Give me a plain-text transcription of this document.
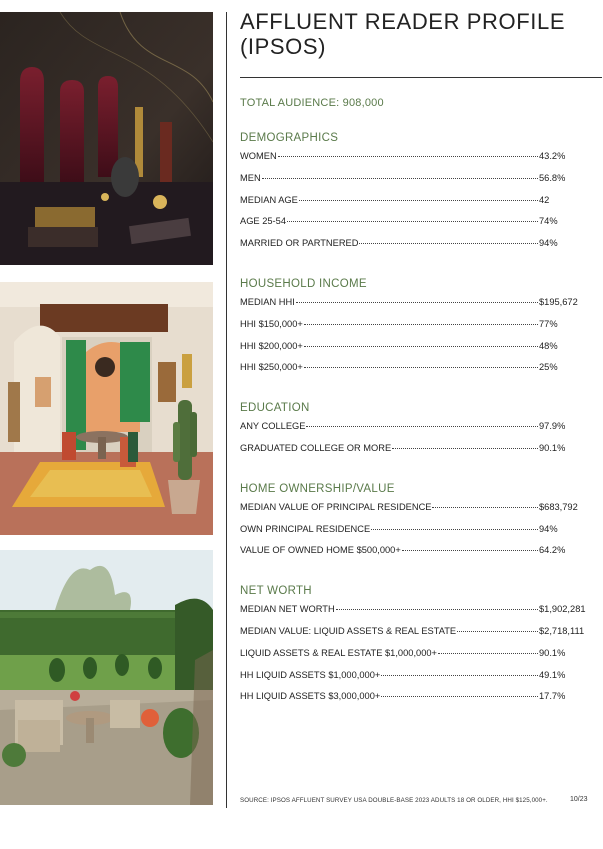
AFFLUENT READER PROFILE (IPSOS)
TOTAL AUDIENCE: 908,000
DEMOGRAPHICS
WOMEN	43.2%
MEN	56.8%
MEDIAN AGE	42
AGE 25-54	74%
MARRIED OR PARTNERED	94%
HOUSEHOLD INCOME
MEDIAN HHI	$195,672
HHI $150,000+	77%
HHI $200,000+	48%
HHI $250,000+	25%
EDUCATION
ANY COLLEGE	97.9%
GRADUATED COLLEGE OR MORE	90.1%
HOME OWNERSHIP/VALUE
MEDIAN VALUE OF PRINCIPAL RESIDENCE	$683,792
OWN PRINCIPAL RESIDENCE	94%
VALUE OF OWNED HOME $500,000+	64.2%
NET WORTH
MEDIAN NET WORTH	$1,902,281
MEDIAN VALUE: LIQUID ASSETS & REAL ESTATE	$2,718,111
LIQUID ASSETS & REAL ESTATE $1,000,000+	90.1%
HH LIQUID ASSETS $1,000,000+	49.1%
HH LIQUID ASSETS $3,000,000+	17.7%
SOURCE: IPSOS AFFLUENT SURVEY USA DOUBLE-BASE 2023 ADULTS 18 OR OLDER, HHI $125,000+.	10/23
